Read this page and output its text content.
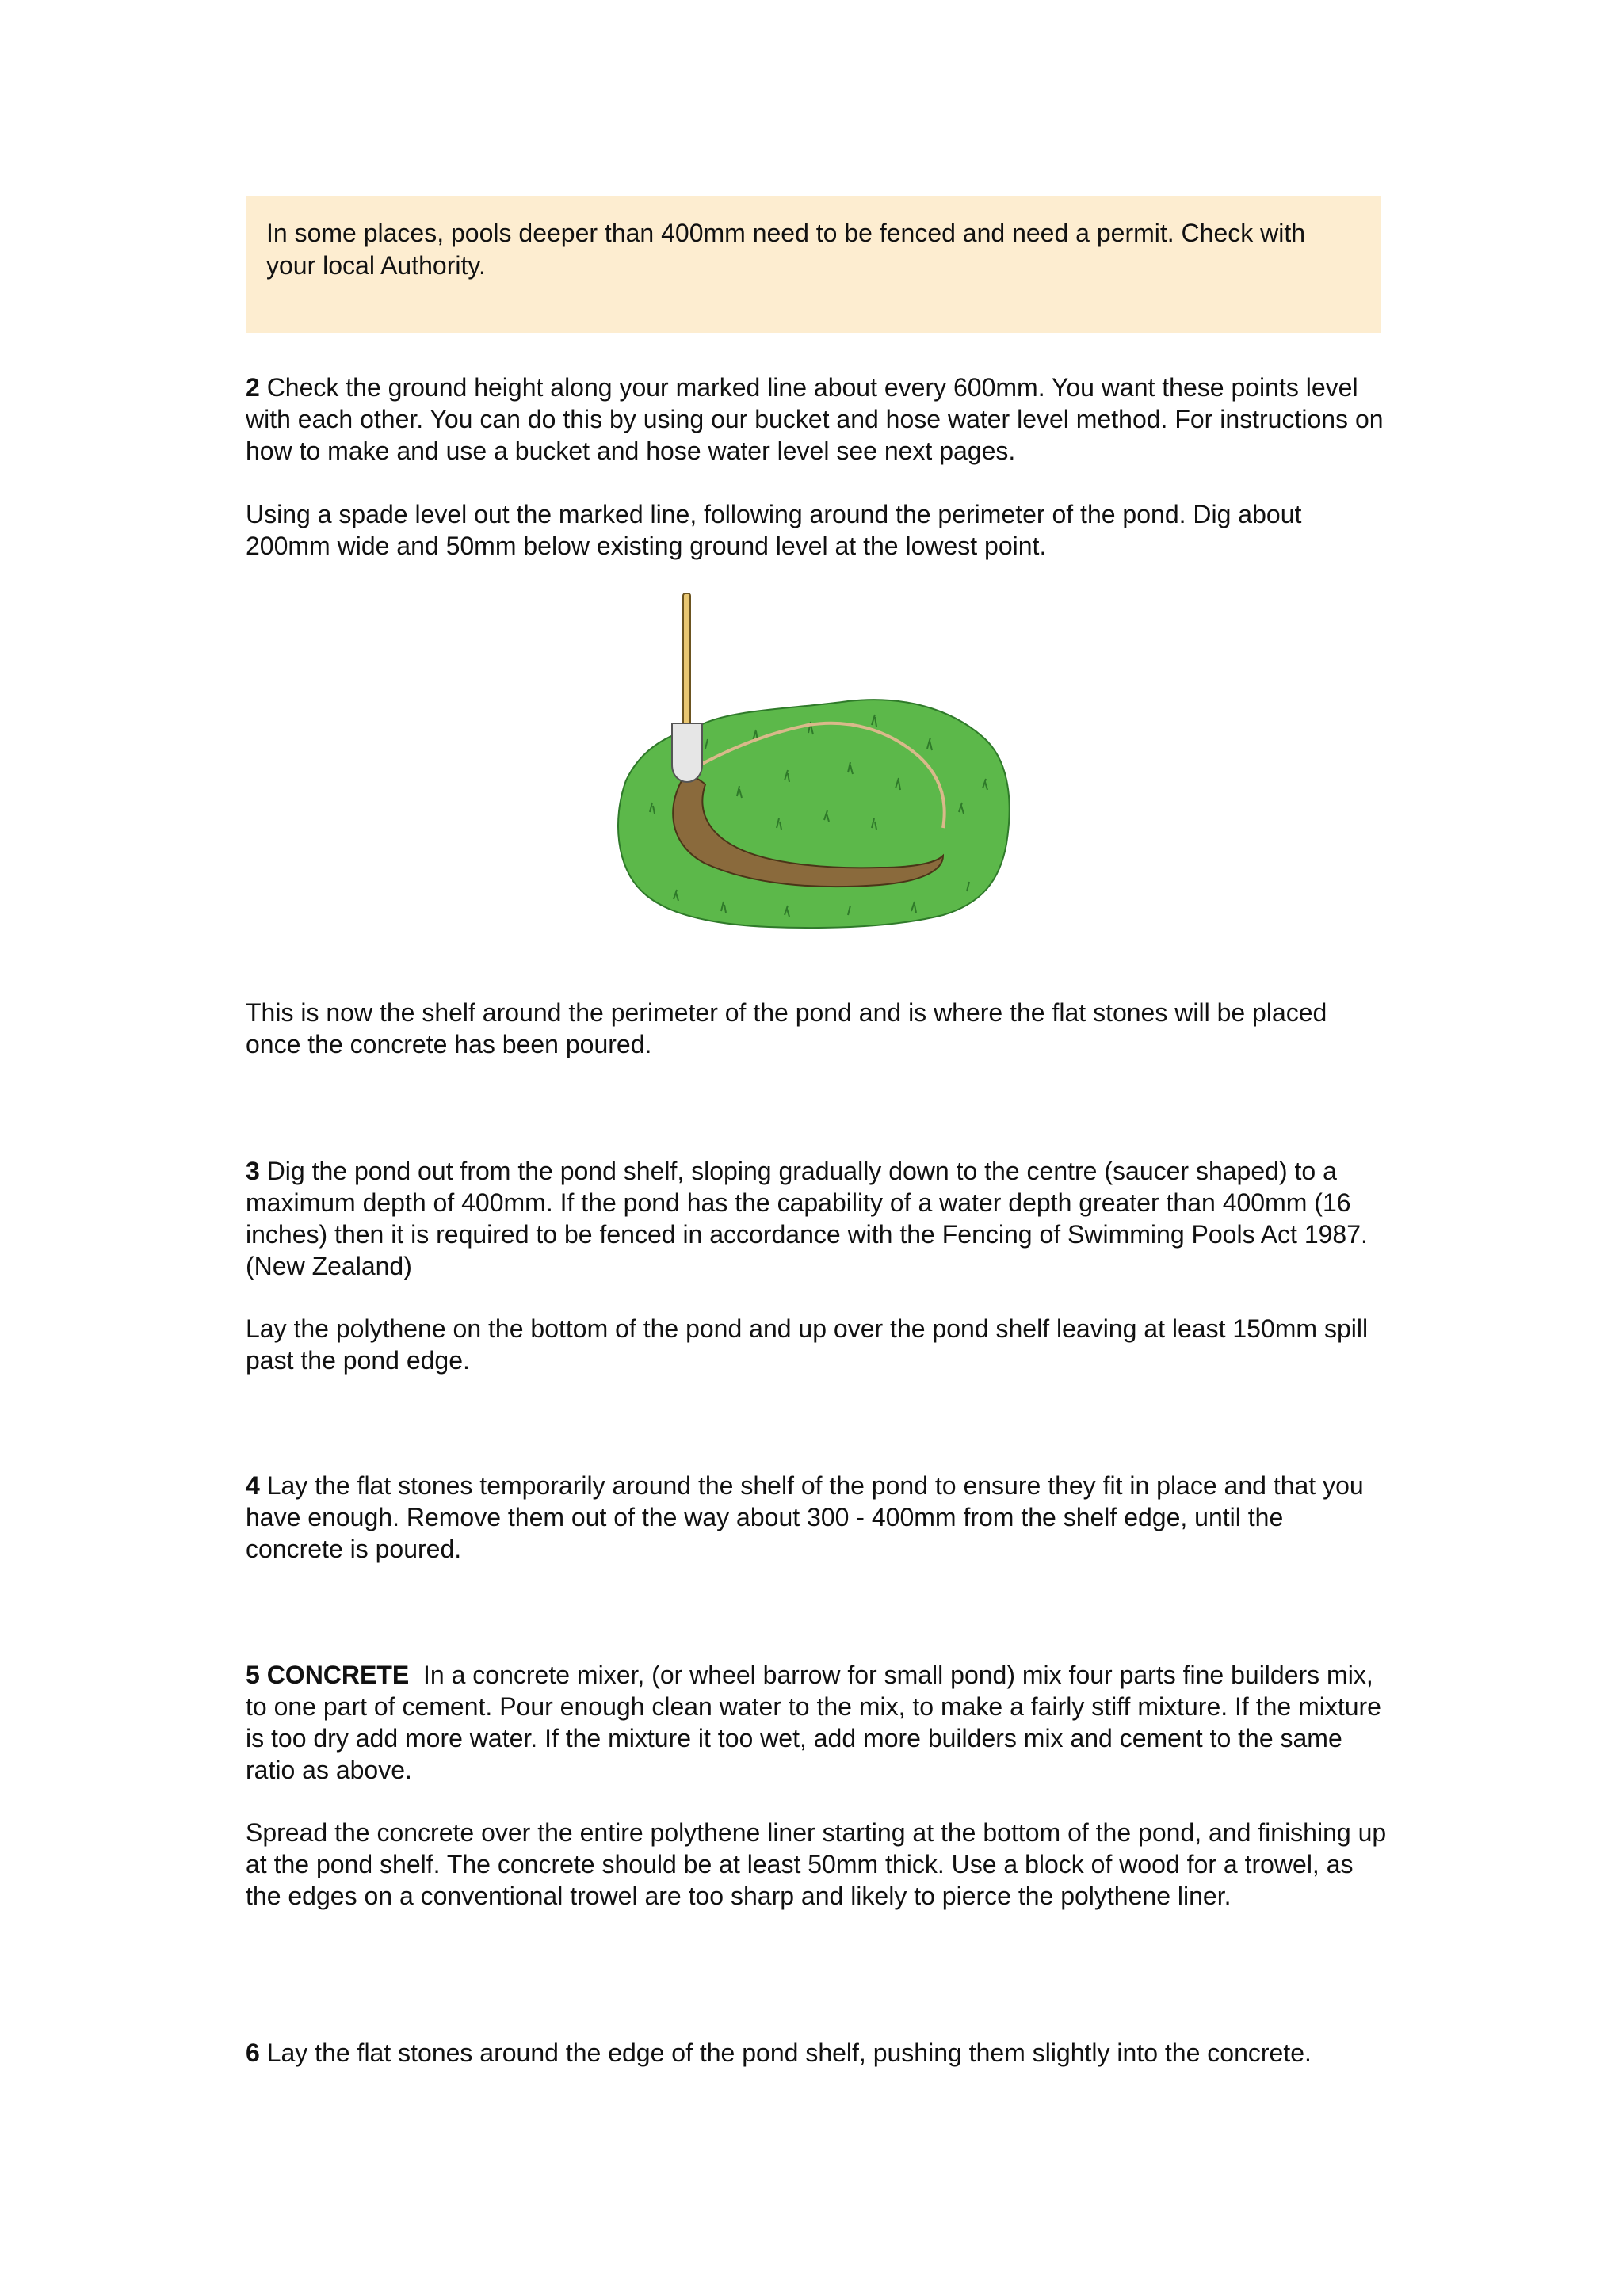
In some places, pools deeper than 400mm need to be fenced and need a permit. Check with your local Authority.

2 Check the ground height along your marked line about every 600mm. You want these points level with each other. You can do this by using our bucket and hose water level method. For instructions on how to make and use a bucket and hose water level see next pages.

Using a spade level out the marked line, following around the perimeter of the pond. Dig about 200mm wide and 50mm below existing ground level at the lowest point.

This is now the shelf around the perimeter of the pond and is where the flat stones will be placed once the concrete has been poured.

3 Dig the pond out from the pond shelf, sloping gradually down to the centre (saucer shaped) to a maximum depth of 400mm. If the pond has the capability of a water depth greater than 400mm (16 inches) then it is required to be fenced in accordance with the Fencing of Swimming Pools Act 1987. (New Zealand)

Lay the polythene on the bottom of the pond and up over the pond shelf leaving at least 150mm spill past the pond edge.

4 Lay the flat stones temporarily around the shelf of the pond to ensure they fit in place and that you have enough. Remove them out of the way about 300 - 400mm from the shelf edge, until the concrete is poured.

5 CONCRETE In a concrete mixer, (or wheel barrow for small pond) mix four parts fine builders mix, to one part of cement. Pour enough clean water to the mix, to make a fairly stiff mixture. If the mixture is too dry add more water. If the mixture it too wet, add more builders mix and cement to the same ratio as above.

Spread the concrete over the entire polythene liner starting at the bottom of the pond, and finishing up at the pond shelf. The concrete should be at least 50mm thick. Use a block of wood for a trowel, as the edges on a conventional trowel are too sharp and likely to pierce the polythene liner.

6 Lay the flat stones around the edge of the pond shelf, pushing them slightly into the concrete.
